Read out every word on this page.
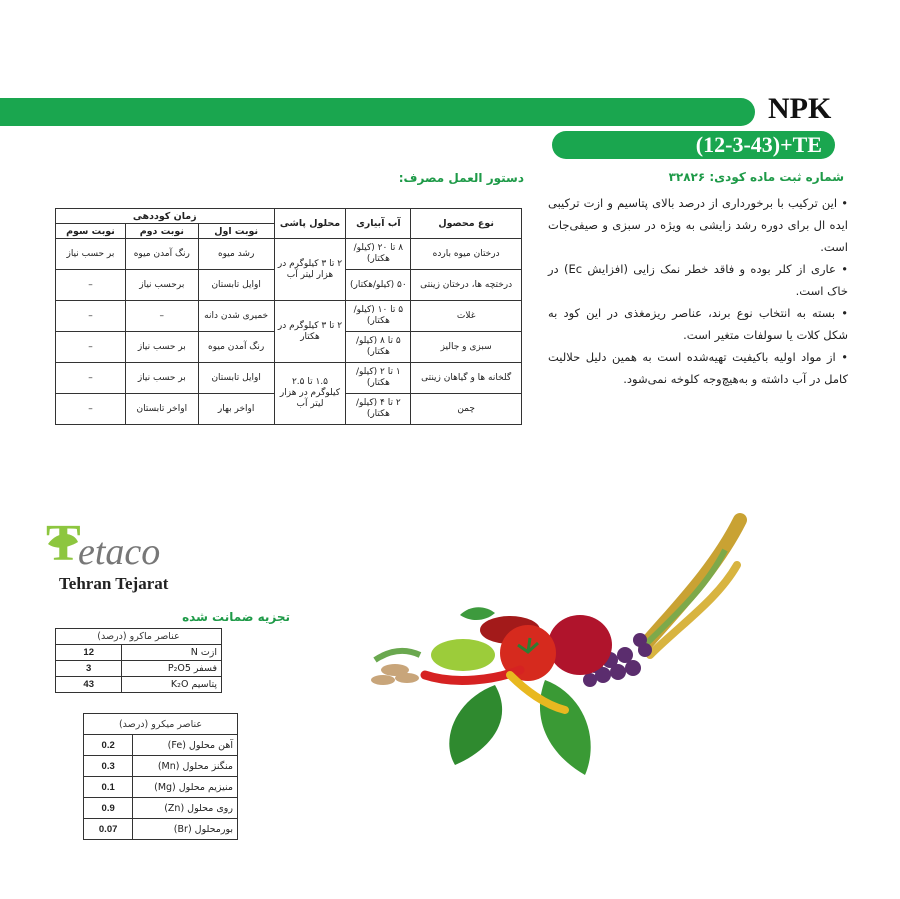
NPK
(12-3-43)+TE
شماره ثبت ماده کودی: ۳۲۸۲۶

• این ترکیب با برخورداری از درصد بالای پتاسیم و ازت ترکیبی ایده ال برای دوره رشد زایشی به ویژه در سبزی و صیفی‌جات است.

• عاری از کلر بوده و فاقد خطر نمک زایی (افزایش Ec) در خاک است.

• بسته به انتخاب نوع برند، عناصر ریزمغذی در این کود به شکل کلات یا سولفات متغیر است.

• از مواد اولیه باکیفیت تهیه‌شده است به همین دلیل حلالیت کامل در آب داشته و به‌هیچ‌وجه کلوخه نمی‌شود.

دستور العمل مصرف:
نوع محصول	آب آبیاری	محلول پاشی	زمان کوددهی		
			نوبت اول	نوبت دوم	نوبت سوم
درختان میوه بارده	۸ تا ۲۰ (کیلو/هکتار)	۲ تا ۳ کیلوگرم در هزار لیتر آب	رشد میوه	رنگ آمدن میوه	بر حسب نیاز
درختچه ها، درختان زینتی	۵۰ (کیلو/هکتار)		اوایل تابستان	برحسب نیاز	–
غلات	۵ تا ۱۰ (کیلو/هکتار)	۲ تا ۳ کیلوگرم در هکتار	خمیری شدن دانه	–	–
سبزی و جالیز	۵ تا ۸ (کیلو/هکتار)		رنگ آمدن میوه	بر حسب نیاز	–
گلخانه ها و گیاهان زینتی	۱ تا ۲ (کیلو/هکتار)	۱.۵ تا ۲.۵ کیلوگرم در هزار لیتر آب	اوایل تابستان	بر حسب نیاز	–
چمن	۲ تا ۴ (کیلو/هکتار)		اواخر بهار	اواخر تابستان	–
T
etaco
Tehran Tejarat
تجزیه ضمانت شده
عناصر ماکرو (درصد)	
ازت N	12
فسفر P₂O5	3
پتاسیم K₂O	43
عناصر میکرو (درصد)	
آهن محلول (Fe)	0.2
منگنز محلول (Mn)	0.3
منیزیم محلول (Mg)	0.1
روی محلول (Zn)	0.9
بورمحلول (Br)	0.07
